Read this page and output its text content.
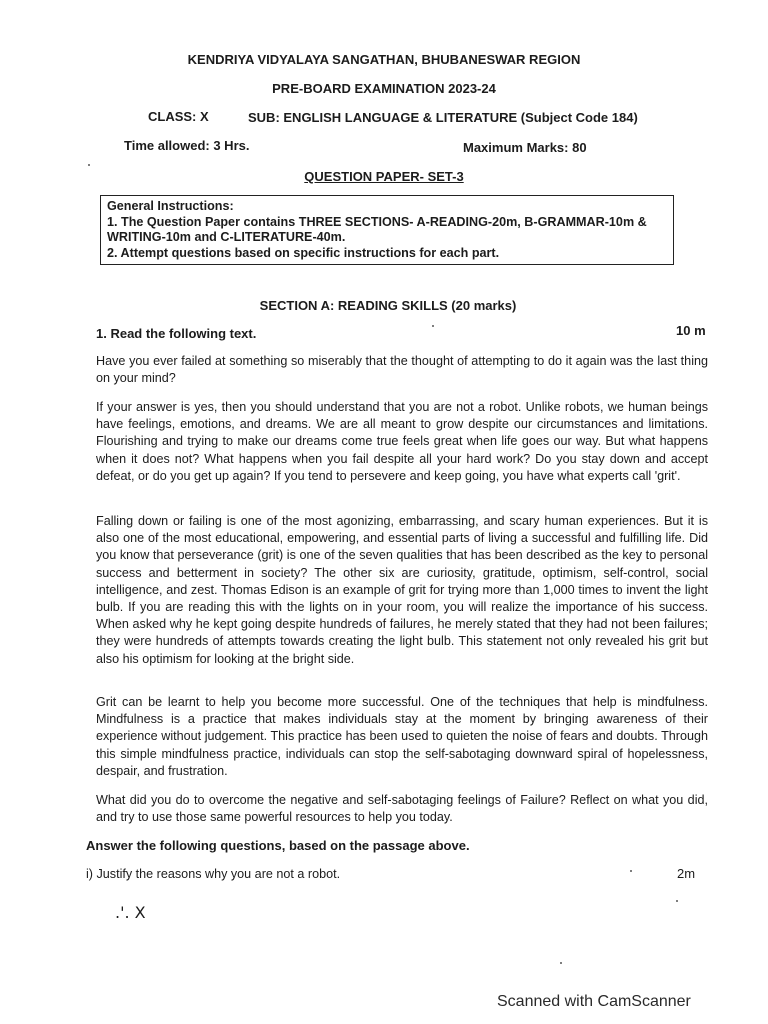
KENDRIYA VIDYALAYA SANGATHAN, BHUBANESWAR REGION
PRE-BOARD EXAMINATION 2023-24
CLASS: X	SUB: ENGLISH LANGUAGE & LITERATURE (Subject Code 184)
Time allowed: 3 Hrs.	Maximum Marks: 80
QUESTION PAPER- SET-3

General Instructions:

1. The Question Paper contains THREE SECTIONS- A-READING-20m, B-GRAMMAR-10m & WRITING-10m and C-LITERATURE-40m.

2. Attempt questions based on specific instructions for each part.

SECTION A: READING SKILLS (20 marks)
1. Read the following text.	10 m

Have you ever failed at something so miserably that the thought of attempting to do it again was the last thing on your mind?

If your answer is yes, then you should understand that you are not a robot. Unlike robots, we human beings have feelings, emotions, and dreams. We are all meant to grow despite our circumstances and limitations. Flourishing and trying to make our dreams come true feels great when life goes our way. But what happens when it does not? What happens when you fail despite all your hard work? Do you stay down and accept defeat, or do you get up again? If you tend to persevere and keep going, you have what experts call 'grit'.

Falling down or failing is one of the most agonizing, embarrassing, and scary human experiences. But it is also one of the most educational, empowering, and essential parts of living a successful and fulfilling life. Did you know that perseverance (grit) is one of the seven qualities that has been described as the key to personal success and betterment in society? The other six are curiosity, gratitude, optimism, self-control, social intelligence, and zest. Thomas Edison is an example of grit for trying more than 1,000 times to invent the light bulb. If you are reading this with the lights on in your room, you will realize the importance of his success. When asked why he kept going despite hundreds of failures, he merely stated that they had not been failures; they were hundreds of attempts towards creating the light bulb. This statement not only revealed his grit but also his optimism for looking at the bright side.

Grit can be learnt to help you become more successful. One of the techniques that help is mindfulness. Mindfulness is a practice that makes individuals stay at the moment by bringing awareness of their experience without judgement. This practice has been used to quieten the noise of fears and doubts. Through this simple mindfulness practice, individuals can stop the self-sabotaging downward spiral of hopelessness, despair, and frustration.

What did you do to overcome the negative and self-sabotaging feelings of Failure? Reflect on what you did, and try to use those same powerful resources to help you today.

Answer the following questions, based on the passage above.
i) Justify the reasons why you are not a robot.	2m
.'. X
Scanned with CamScanner
